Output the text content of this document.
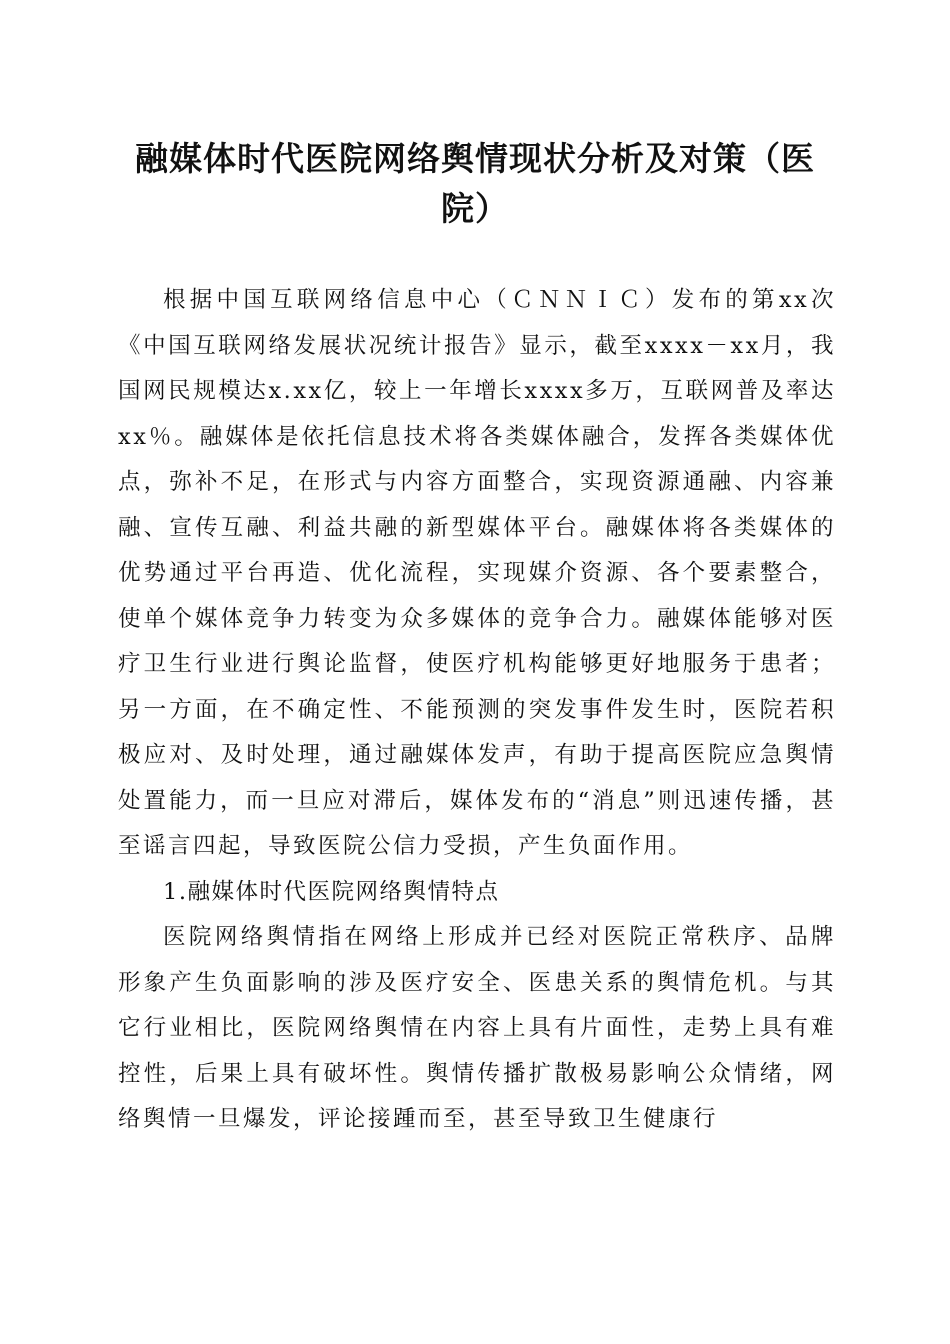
融媒体时代医院网络舆情现状分析及对策（医院）

根据中国互联网络信息中心（ＣＮＮＩＣ）发布的第xx次《中国互联网络发展状况统计报告》显示，截至xxxx－xx月，我国网民规模达x.xx亿，较上一年增长xxxx多万，互联网普及率达xx％。融媒体是依托信息技术将各类媒体融合，发挥各类媒体优点，弥补不足，在形式与内容方面整合，实现资源通融、内容兼融、宣传互融、利益共融的新型媒体平台。融媒体将各类媒体的优势通过平台再造、优化流程，实现媒介资源、各个要素整合，使单个媒体竞争力转变为众多媒体的竞争合力。融媒体能够对医疗卫生行业进行舆论监督，使医疗机构能够更好地服务于患者；另一方面，在不确定性、不能预测的突发事件发生时，医院若积极应对、及时处理，通过融媒体发声，有助于提高医院应急舆情处置能力，而一旦应对滞后，媒体发布的“消息”则迅速传播，甚至谣言四起，导致医院公信力受损，产生负面作用。

1.融媒体时代医院网络舆情特点

医院网络舆情指在网络上形成并已经对医院正常秩序、品牌形象产生负面影响的涉及医疗安全、医患关系的舆情危机。与其它行业相比，医院网络舆情在内容上具有片面性，走势上具有难控性，后果上具有破坏性。舆情传播扩散极易影响公众情绪，网络舆情一旦爆发，评论接踵而至，甚至导致卫生健康行
